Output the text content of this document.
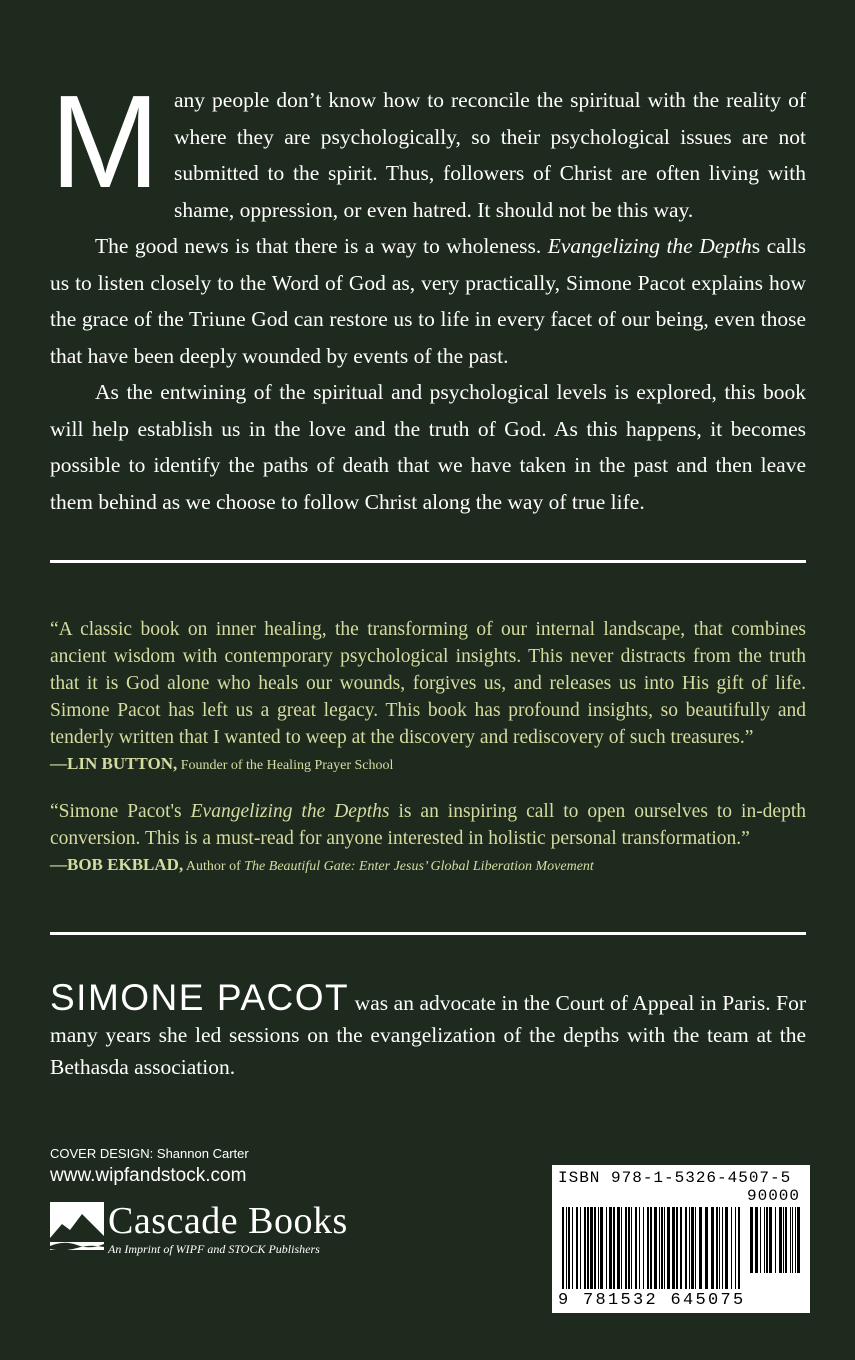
Many people don’t know how to reconcile the spiritual with the reality of where they are psychologically, so their psychological issues are not submitted to the spirit. Thus, followers of Christ are often living with shame, oppression, or even hatred. It should not be this way.

The good news is that there is a way to wholeness. Evangelizing the Depths calls us to listen closely to the Word of God as, very practically, Simone Pacot explains how the grace of the Triune God can restore us to life in every facet of our being, even those that have been deeply wounded by events of the past.

As the entwining of the spiritual and psychological levels is explored, this book will help establish us in the love and the truth of God. As this happens, it becomes possible to identify the paths of death that we have taken in the past and then leave them behind as we choose to follow Christ along the way of true life.

“A classic book on inner healing, the transforming of our internal landscape, that combines ancient wisdom with contemporary psychological insights. This never distracts from the truth that it is God alone who heals our wounds, forgives us, and releases us into His gift of life. Simone Pacot has left us a great legacy. This book has profound insights, so beautifully and tenderly written that I wanted to weep at the discovery and rediscovery of such treasures.”

—LIN BUTTON, Founder of the Healing Prayer School

“Simone Pacot's Evangelizing the Depths is an inspiring call to open ourselves to in-depth conversion. This is a must-read for anyone interested in holistic personal transformation.”

—BOB EKBLAD, Author of The Beautiful Gate: Enter Jesus’ Global Liberation Movement
SIMONE PACOT was an advocate in the Court of Appeal in Paris. For many years she led sessions on the evangelization of the depths with the team at the Bethasda association.
COVER DESIGN: Shannon Carter
www.wipfandstock.com
Cascade Books
An Imprint of WIPF and STOCK Publishers
ISBN 978-1-5326-4507-5
90000
9 781532 645075
